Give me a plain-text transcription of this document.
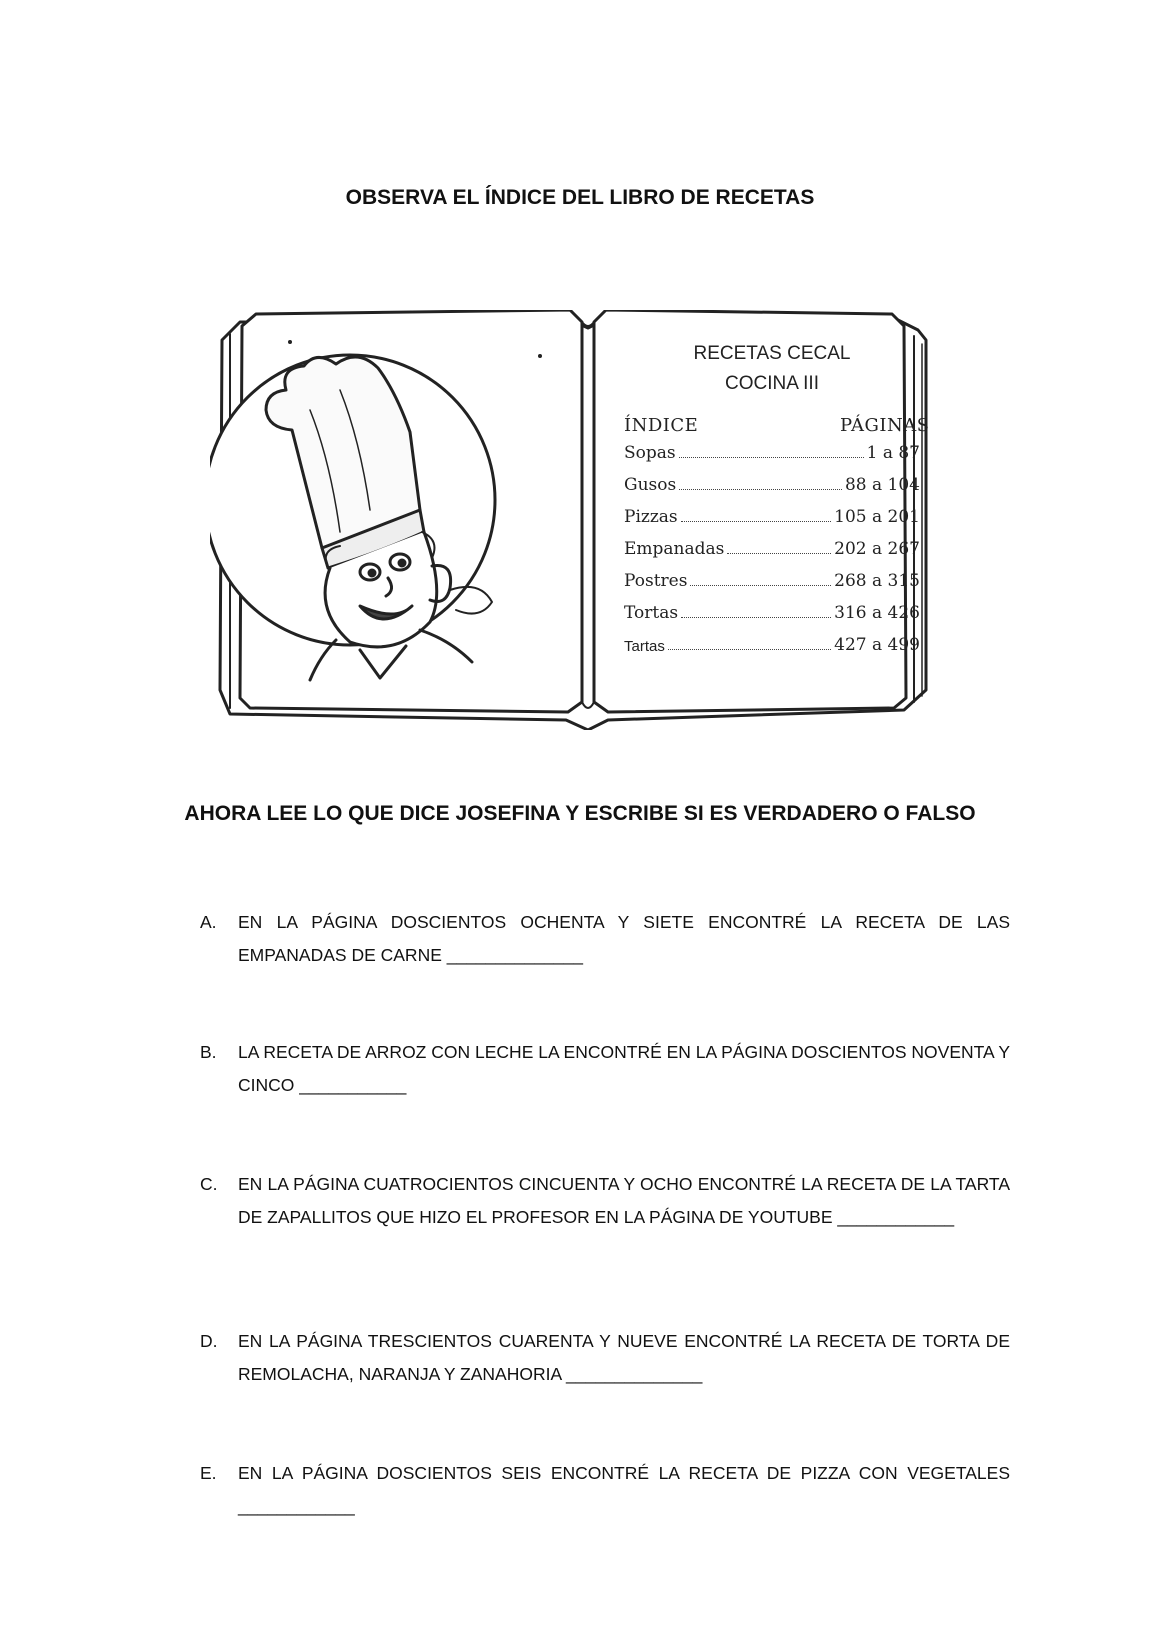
OBSERVA EL ÍNDICE DEL LIBRO DE RECETAS
RECETAS CECAL
COCINA III
ÍNDICE	PÁGINAS
Sopas	1 a 87
Gusos	88 a 104
Pizzas	105 a 201
Empanadas	202 a 267
Postres	268 a 315
Tortas	316 a 426
Tartas	427 a 499
AHORA LEE LO QUE DICE JOSEFINA Y ESCRIBE SI ES VERDADERO O FALSO
A. EN LA PÁGINA DOSCIENTOS OCHENTA Y SIETE ENCONTRÉ LA RECETA DE LAS EMPANADAS DE CARNE ______________
B. LA RECETA DE ARROZ CON LECHE LA ENCONTRÉ EN LA PÁGINA DOSCIENTOS NOVENTA Y CINCO ___________
C. EN LA PÁGINA CUATROCIENTOS CINCUENTA Y OCHO ENCONTRÉ LA RECETA DE LA TARTA DE ZAPALLITOS QUE HIZO EL PROFESOR EN LA PÁGINA DE YOUTUBE ____________
D. EN LA PÁGINA TRESCIENTOS CUARENTA Y NUEVE ENCONTRÉ LA RECETA DE TORTA DE REMOLACHA, NARANJA Y ZANAHORIA ______________
E. EN LA PÁGINA DOSCIENTOS SEIS ENCONTRÉ LA RECETA DE PIZZA CON VEGETALES ____________
